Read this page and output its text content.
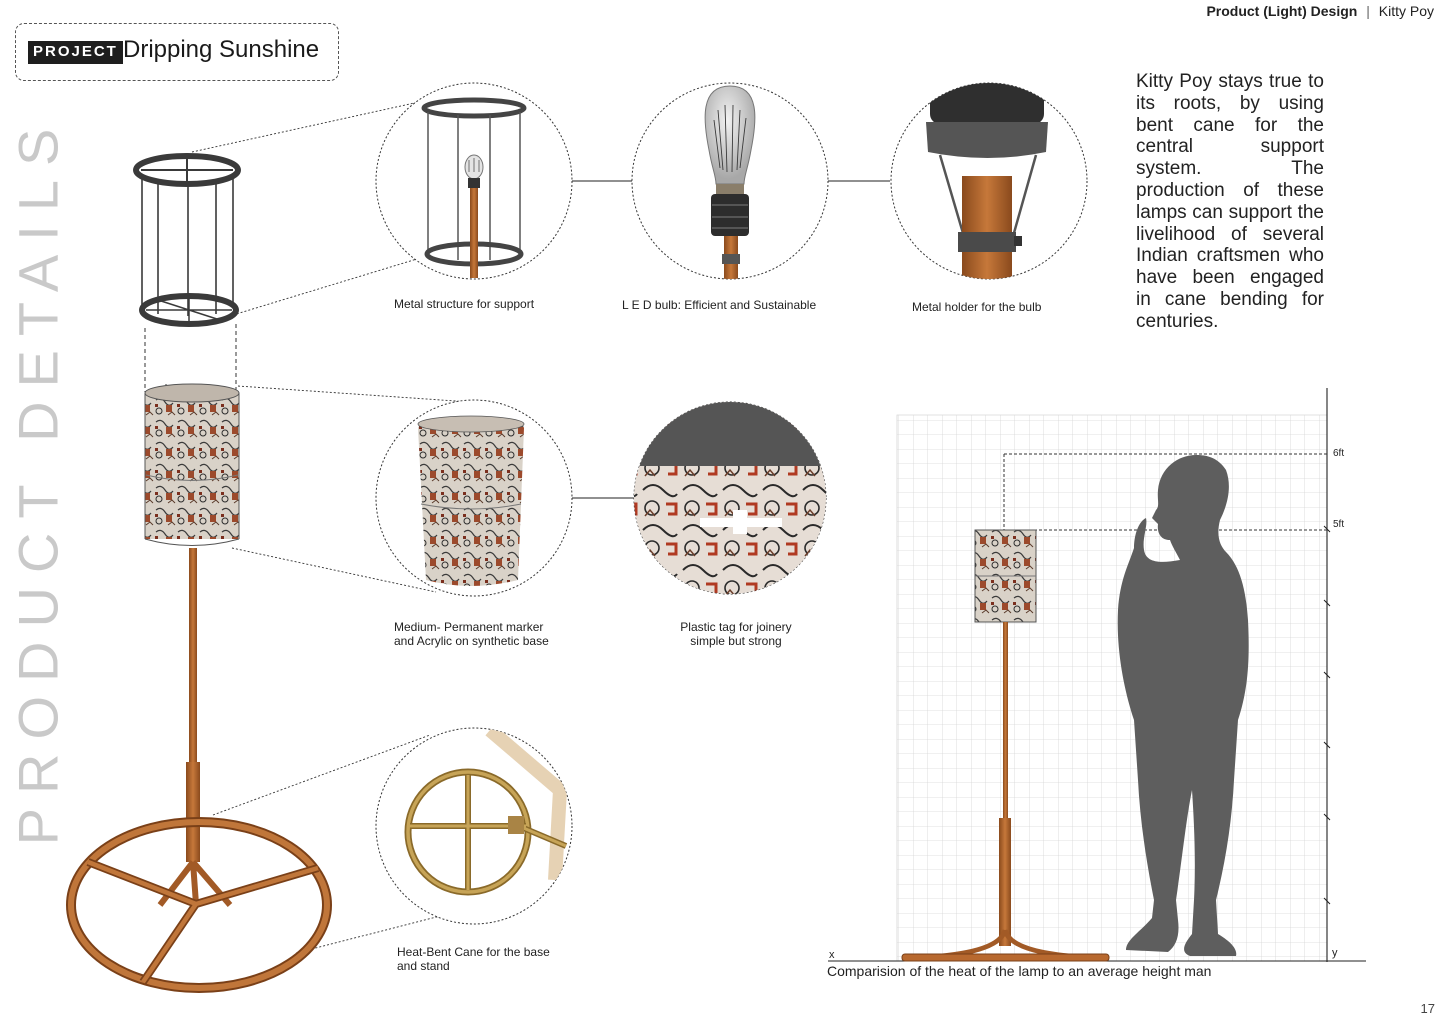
Product (Light) Design | Kitty Poy
PROJECT Dripping Sunshine
PRODUCT DETAILS
Kitty Poy stays true to its roots, by using bent cane for the central support system. The production of these lamps can support the livelihood of several Indian craftsmen who have been engaged in cane bending for centuries.
Metal structure for support	L E D bulb: Efficient and Sustainable	Metal holder for the bulb
Medium- Permanent marker
and Acrylic on synthetic base
Plastic tag for joinery
simple but strong
Heat-Bent Cane for the base
and stand
6ft
5ft
x	y
Comparision of the heat of the lamp to an average height man
17
